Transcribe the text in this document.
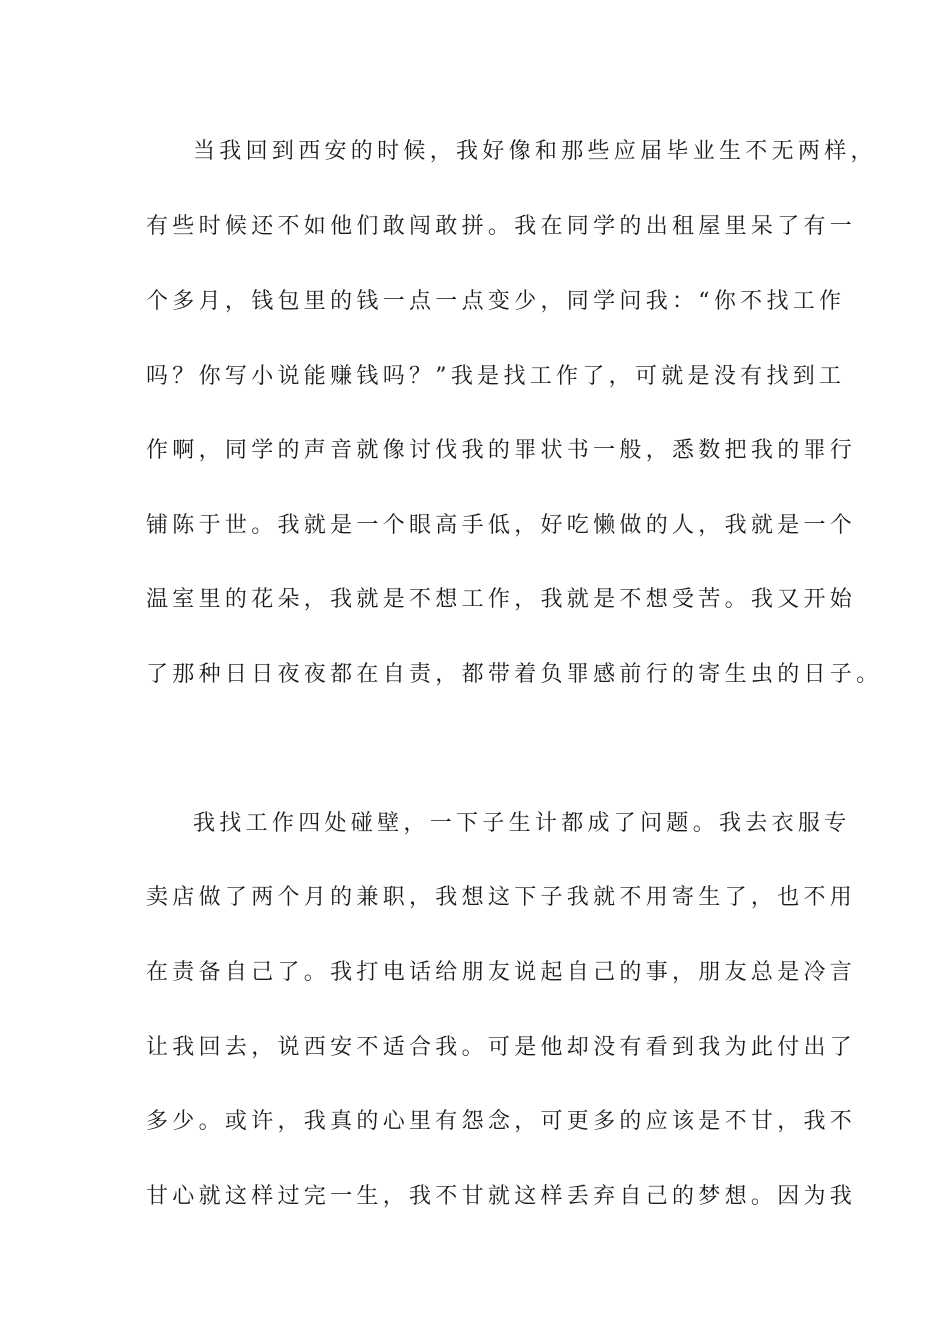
当我回到西安的时候，我好像和那些应届毕业生不无两样，
有些时候还不如他们敢闯敢拼。我在同学的出租屋里呆了有一
个多月，钱包里的钱一点一点变少，同学问我：“你不找工作
吗？你写小说能赚钱吗？”我是找工作了，可就是没有找到工
作啊，同学的声音就像讨伐我的罪状书一般，悉数把我的罪行
铺陈于世。我就是一个眼高手低，好吃懒做的人，我就是一个
温室里的花朵，我就是不想工作，我就是不想受苦。我又开始
了那种日日夜夜都在自责，都带着负罪感前行的寄生虫的日子。
我找工作四处碰壁，一下子生计都成了问题。我去衣服专
卖店做了两个月的兼职，我想这下子我就不用寄生了，也不用
在责备自己了。我打电话给朋友说起自己的事，朋友总是冷言
让我回去，说西安不适合我。可是他却没有看到我为此付出了
多少。或许，我真的心里有怨念，可更多的应该是不甘，我不
甘心就这样过完一生，我不甘就这样丢弃自己的梦想。因为我
